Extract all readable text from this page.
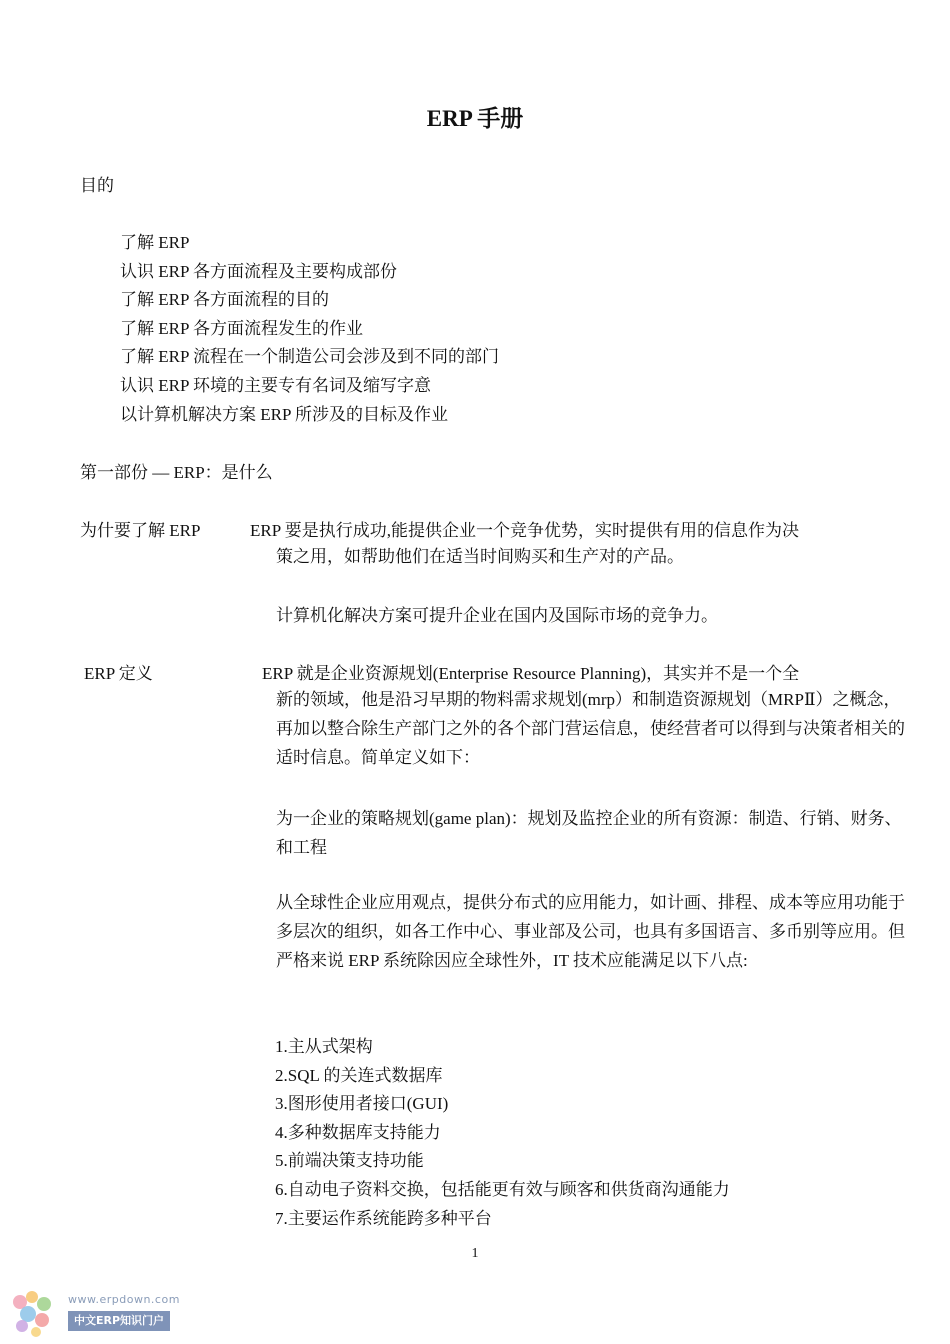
ERP 手册
目的
了解 ERP
认识 ERP 各方面流程及主要构成部份
了解 ERP 各方面流程的目的
了解 ERP 各方面流程发生的作业
了解 ERP 流程在一个制造公司会涉及到不同的部门
认识 ERP 环境的主要专有名词及缩写字意
以计算机解决方案 ERP 所涉及的目标及作业
第一部份 — ERP：是什么
为什要了解 ERP	ERP 要是执行成功,能提供企业一个竞争优势，实时提供有用的信息作为决
策之用，如帮助他们在适当时间购买和生产对的产品。
计算机化解决方案可提升企业在国内及国际市场的竞争力。
ERP 定义	ERP 就是企业资源规划(Enterprise Resource Planning)，其实并不是一个全
新的领域，他是沿习早期的物料需求规划(mrp）和制造资源规划（MRPⅡ）之概念，再加以整合除生产部门之外的各个部门营运信息，使经营者可以得到与决策者相关的适时信息。简单定义如下：
为一企业的策略规划(game plan)：规划及监控企业的所有资源：制造、行销、财务、和工程
从全球性企业应用观点，提供分布式的应用能力，如计画、排程、成本等应用功能于多层次的组织，如各工作中心、事业部及公司，也具有多国语言、多币别等应用。但严格来说 ERP 系统除因应全球性外，IT 技术应能满足以下八点:
1.主从式架构
2.SQL 的关连式数据库
3.图形使用者接口(GUI)
4.多种数据库支持能力
5.前端决策支持功能
6.自动电子资料交换，包括能更有效与顾客和供货商沟通能力
7.主要运作系统能跨多种平台
1
www.erpdown.com
中文ERP知识门户
